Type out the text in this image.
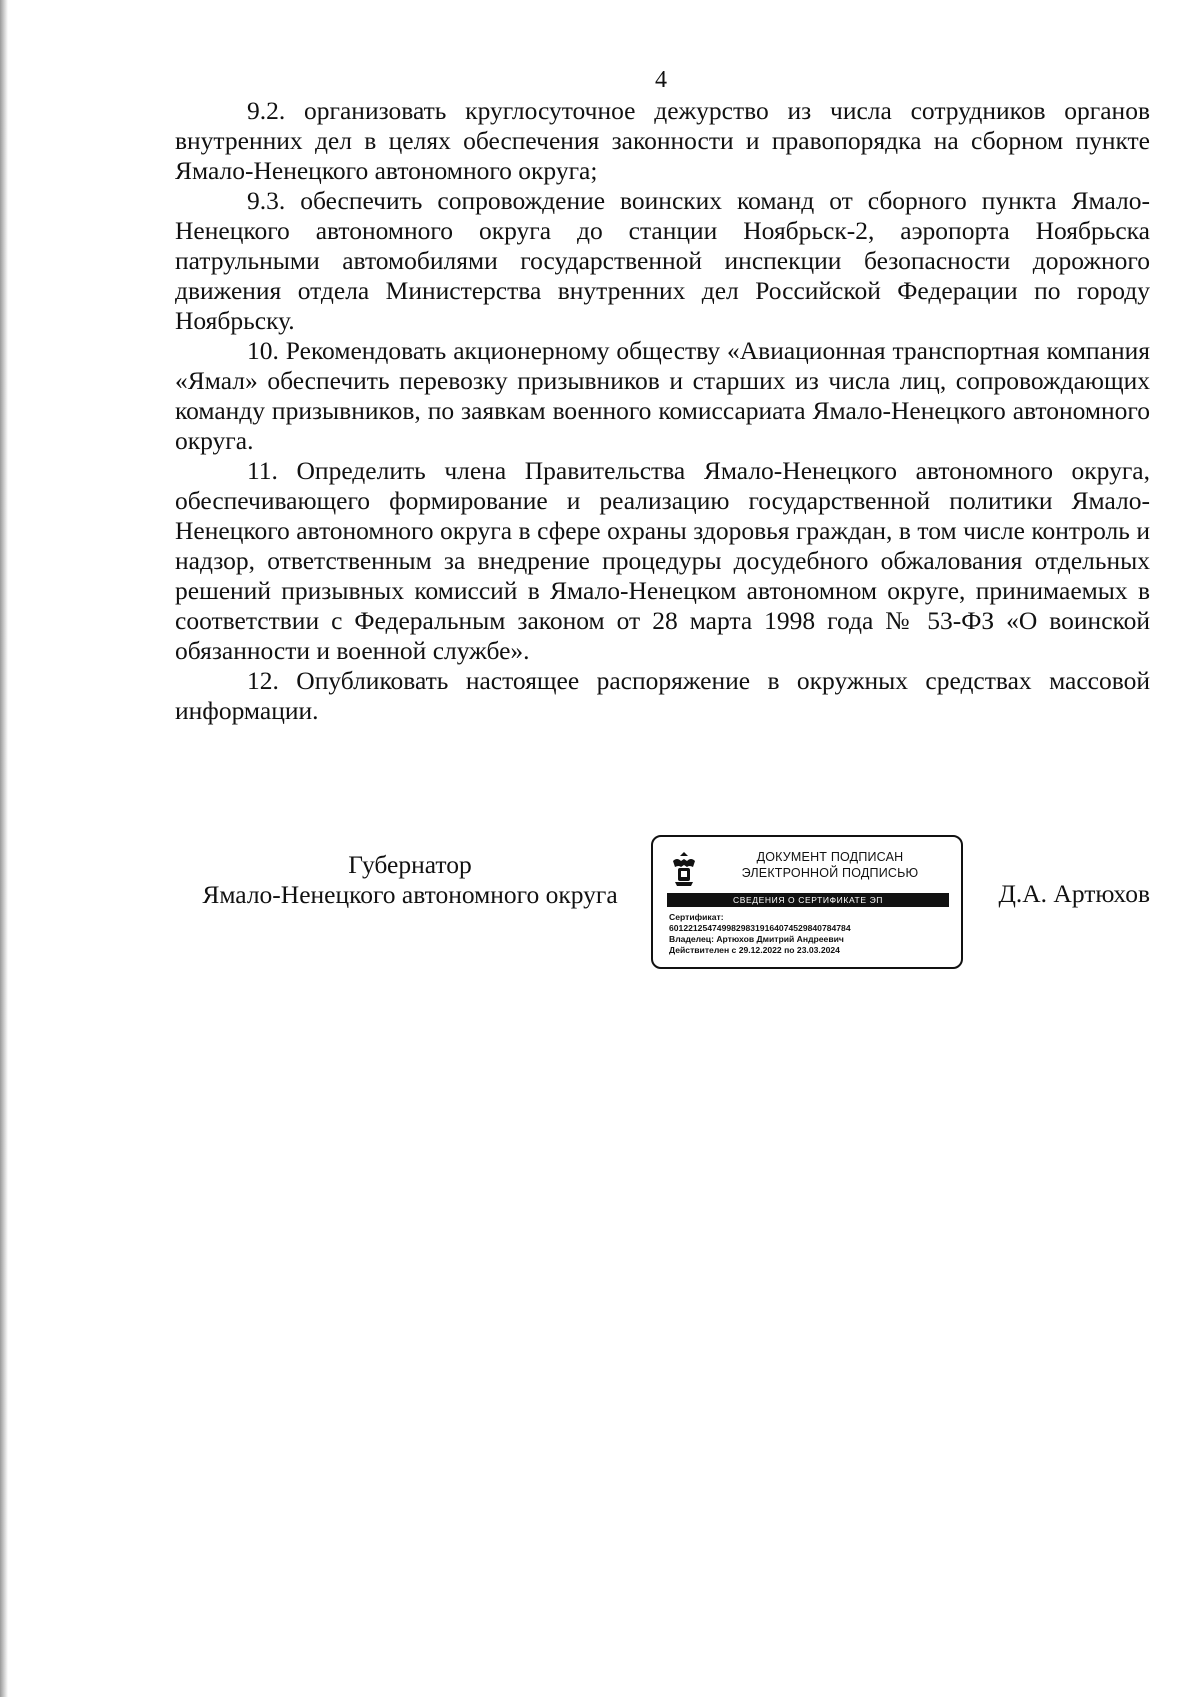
4

9.2. организовать круглосуточное дежурство из числа сотрудников органов внутренних дел в целях обеспечения законности и правопорядка на сборном пункте Ямало-Ненецкого автономного округа;

9.3. обеспечить сопровождение воинских команд от сборного пункта Ямало-Ненецкого автономного округа до станции Ноябрьск-2, аэропорта Ноябрьска патрульными автомобилями государственной инспекции безопасности дорожного движения отдела Министерства внутренних дел Российской Федерации по городу Ноябрьску.

10. Рекомендовать акционерному обществу «Авиационная транспортная компания «Ямал» обеспечить перевозку призывников и старших из числа лиц, сопровождающих команду призывников, по заявкам военного комиссариата Ямало-Ненецкого автономного округа.

11. Определить члена Правительства Ямало-Ненецкого автономного округа, обеспечивающего формирование и реализацию государственной политики Ямало-Ненецкого автономного округа в сфере охраны здоровья граждан, в том числе контроль и надзор, ответственным за внедрение процедуры досудебного обжалования отдельных решений призывных комиссий в Ямало-Ненецком автономном округе, принимаемых в соответствии с Федеральным законом от 28 марта 1998 года № 53-ФЗ «О воинской обязанности и военной службе».

12. Опубликовать настоящее распоряжение в окружных средствах массовой информации.

Губернатор
Ямало-Ненецкого автономного округа
ДОКУМЕНТ ПОДПИСАН
ЭЛЕКТРОННОЙ ПОДПИСЬЮ
СВЕДЕНИЯ О СЕРТИФИКАТЕ ЭП
Сертификат:
6012212547499829831916407452984078478​4
Владелец: Артюхов Дмитрий Андреевич
Действителен с 29.12.2022 по 23.03.2024
Д.А. Артюхов
